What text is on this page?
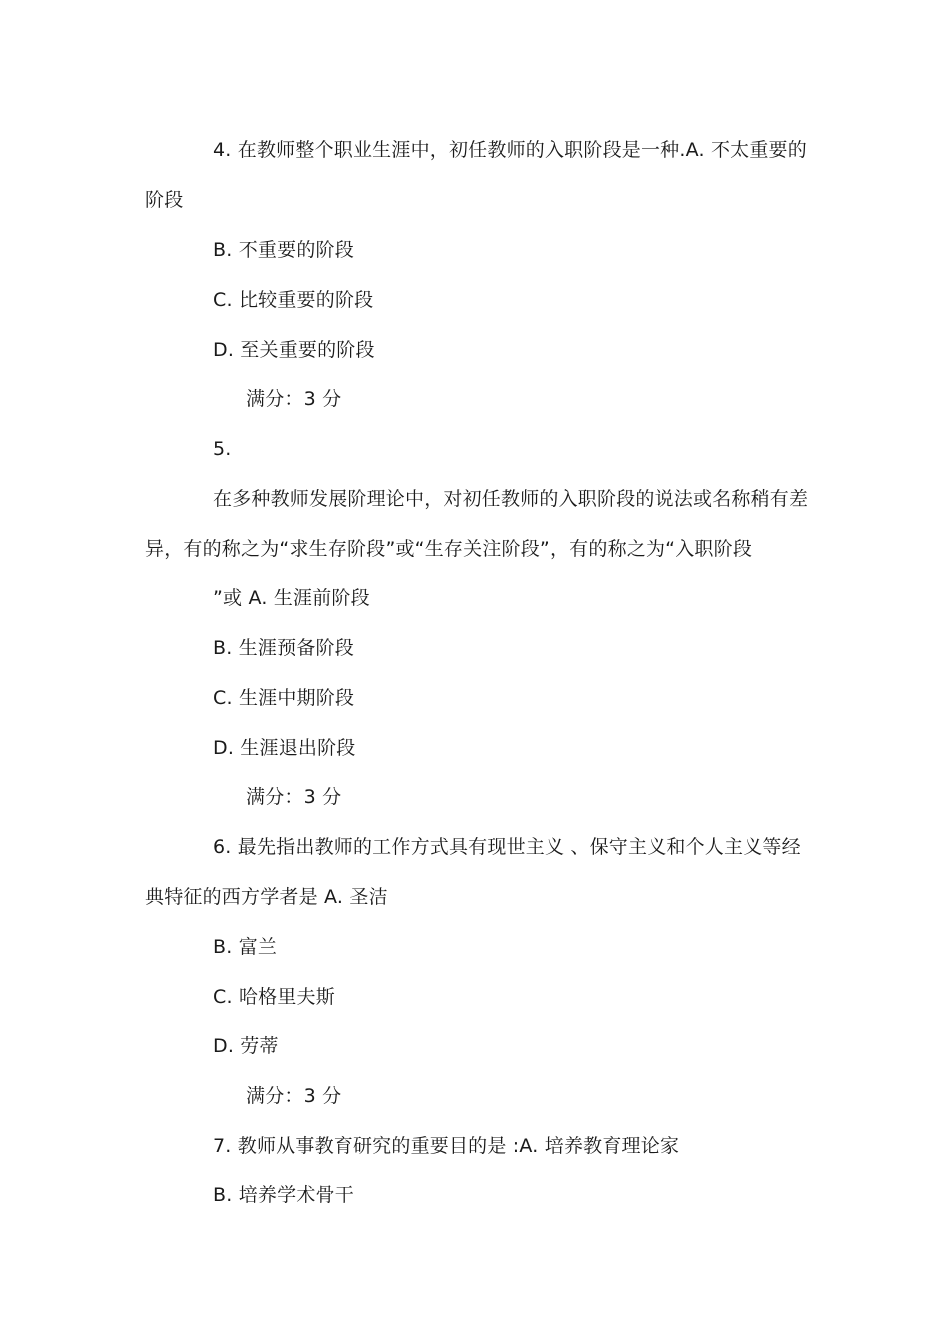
4. 在教师整个职业生涯中，初任教师的入职阶段是一种.A. 不太重要的
阶段
B. 不重要的阶段
C. 比较重要的阶段
D. 至关重要的阶段
满分：3 分
5.
在多种教师发展阶理论中，对初任教师的入职阶段的说法或名称稍有差
异，有的称之为“求生存阶段”或“生存关注阶段”，有的称之为“入职阶段
”或 A. 生涯前阶段
B. 生涯预备阶段
C. 生涯中期阶段
D. 生涯退出阶段
满分：3 分
6. 最先指出教师的工作方式具有现世主义 、保守主义和个人主义等经
典特征的西方学者是 A. 圣洁
B. 富兰
C. 哈格里夫斯
D. 劳蒂
满分：3 分
7. 教师从事教育研究的重要目的是 :A. 培养教育理论家
B. 培养学术骨干
